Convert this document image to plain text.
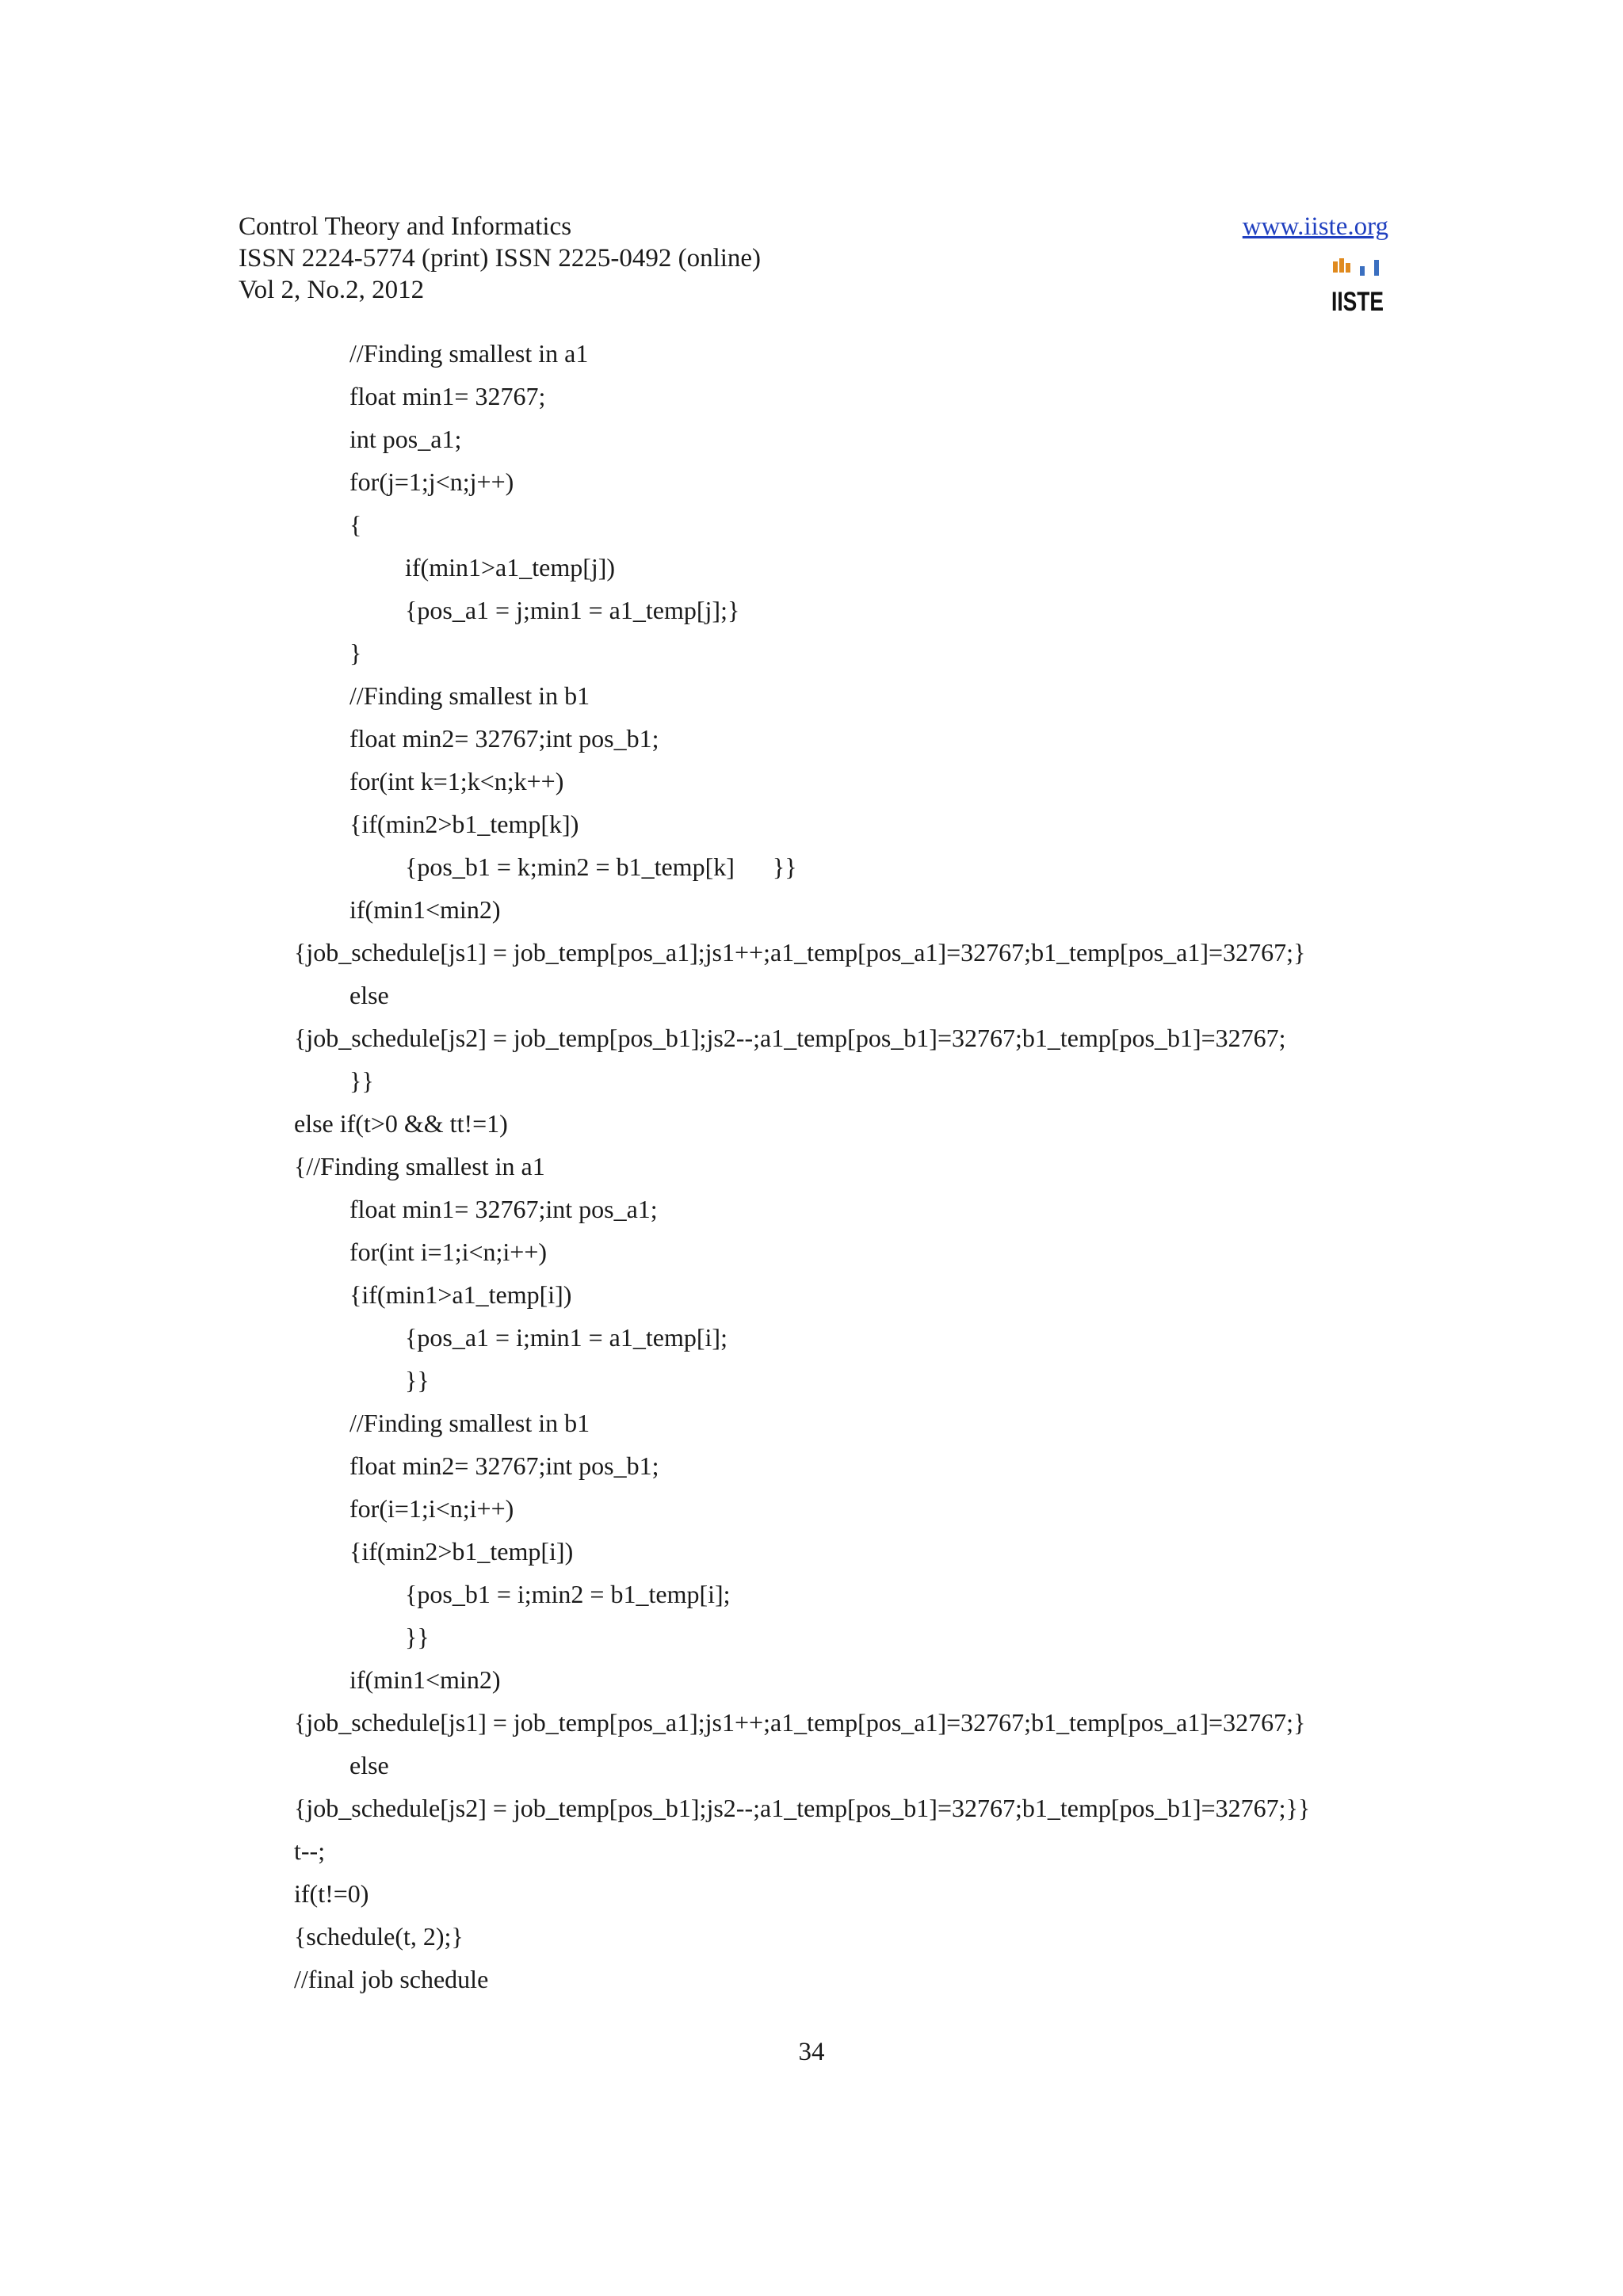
Control Theory and Informatics
ISSN 2224-5774 (print) ISSN 2225-0492 (online)
Vol 2, No.2, 2012
www.iiste.org
IISTE
//Finding smallest in a1
float min1= 32767;
int pos_a1;
for(j=1;j<n;j++)
{
if(min1>a1_temp[j])
{pos_a1 = j;min1 = a1_temp[j];}
}
//Finding smallest in b1
float min2= 32767;int pos_b1;
for(int k=1;k<n;k++)
{if(min2>b1_temp[k])
{pos_b1 = k;min2 = b1_temp[k]      }}
if(min1<min2)
{job_schedule[js1] = job_temp[pos_a1];js1++;a1_temp[pos_a1]=32767;b1_temp[pos_a1]=32767;}
else
{job_schedule[js2] = job_temp[pos_b1];js2--;a1_temp[pos_b1]=32767;b1_temp[pos_b1]=32767;
}}
else if(t>0 && tt!=1)
{//Finding smallest in a1
float min1= 32767;int pos_a1;
for(int i=1;i<n;i++)
{if(min1>a1_temp[i])
{pos_a1 = i;min1 = a1_temp[i];
}}
//Finding smallest in b1
float min2= 32767;int pos_b1;
for(i=1;i<n;i++)
{if(min2>b1_temp[i])
{pos_b1 = i;min2 = b1_temp[i];
}}
if(min1<min2)
{job_schedule[js1] = job_temp[pos_a1];js1++;a1_temp[pos_a1]=32767;b1_temp[pos_a1]=32767;}
else
{job_schedule[js2] = job_temp[pos_b1];js2--;a1_temp[pos_b1]=32767;b1_temp[pos_b1]=32767;}}
t--;
if(t!=0)
{schedule(t, 2);}
//final job schedule
34
